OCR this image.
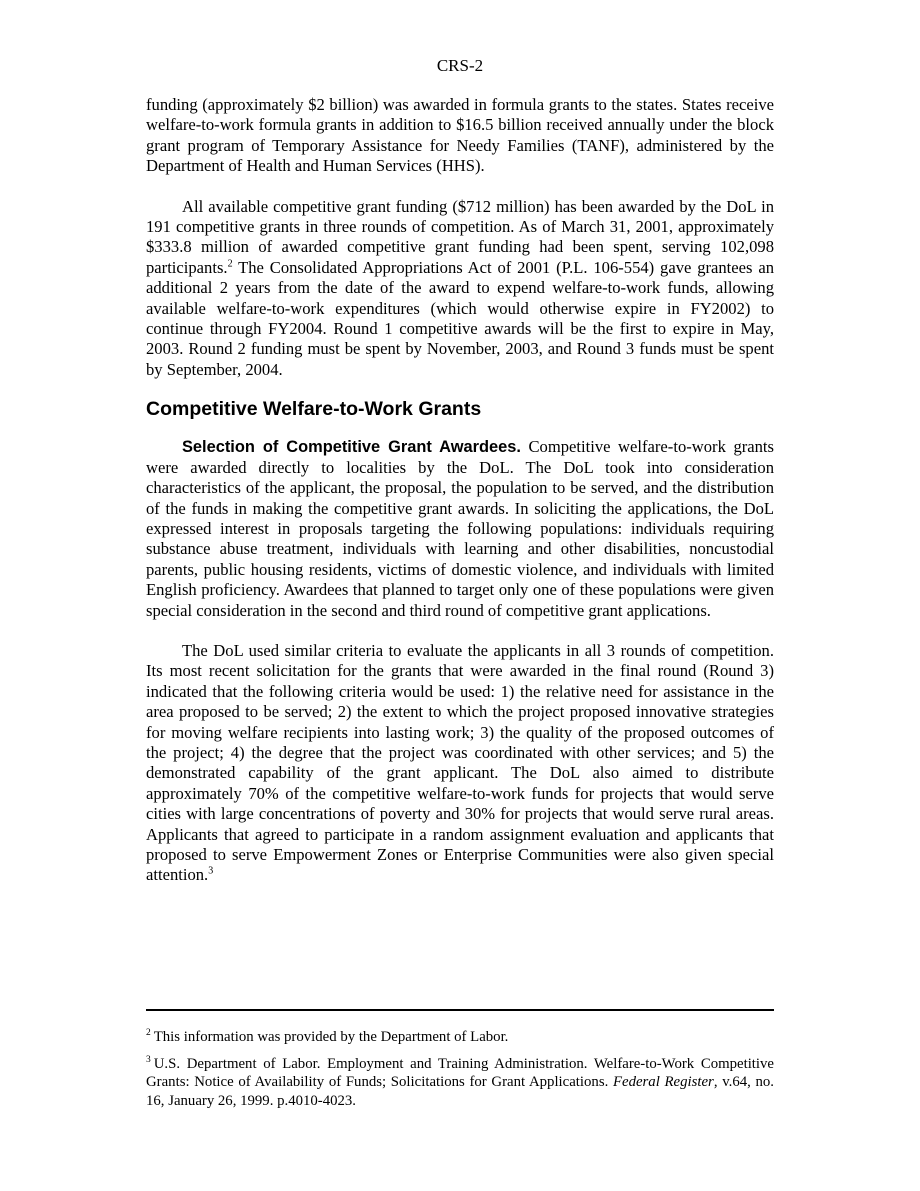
CRS-2

funding (approximately $2 billion) was awarded in formula grants to the states. States receive welfare-to-work formula grants in addition to $16.5 billion received annually under the block grant program of Temporary Assistance for Needy Families (TANF), administered by the Department of Health and Human Services (HHS).

All available competitive grant funding ($712 million) has been awarded by the DoL in 191 competitive grants in three rounds of competition. As of March 31, 2001, approximately $333.8 million of awarded competitive grant funding had been spent, serving 102,098 participants.$^2$ The Consolidated Appropriations Act of 2001 (P.L. 106-554) gave grantees an additional 2 years from the date of the award to expend welfare-to-work funds, allowing available welfare-to-work expenditures (which would otherwise expire in FY2002) to continue through FY2004. Round 1 competitive awards will be the first to expire in May, 2003. Round 2 funding must be spent by November, 2003, and Round 3 funds must be spent by September, 2004.

Competitive Welfare-to-Work Grants

Selection of Competitive Grant Awardees. Competitive welfare-to-work grants were awarded directly to localities by the DoL. The DoL took into consideration characteristics of the applicant, the proposal, the population to be served, and the distribution of the funds in making the competitive grant awards. In soliciting the applications, the DoL expressed interest in proposals targeting the following populations: individuals requiring substance abuse treatment, individuals with learning and other disabilities, noncustodial parents, public housing residents, victims of domestic violence, and individuals with limited English proficiency. Awardees that planned to target only one of these populations were given special consideration in the second and third round of competitive grant applications.

The DoL used similar criteria to evaluate the applicants in all 3 rounds of competition. Its most recent solicitation for the grants that were awarded in the final round (Round 3) indicated that the following criteria would be used: 1) the relative need for assistance in the area proposed to be served; 2) the extent to which the project proposed innovative strategies for moving welfare recipients into lasting work; 3) the quality of the proposed outcomes of the project; 4) the degree that the project was coordinated with other services; and 5) the demonstrated capability of the grant applicant. The DoL also aimed to distribute approximately 70% of the competitive welfare-to-work funds for projects that would serve cities with large concentrations of poverty and 30% for projects that would serve rural areas. Applicants that agreed to participate in a random assignment evaluation and applicants that proposed to serve Empowerment Zones or Enterprise Communities were also given special attention.$^3$

$^2$ This information was provided by the Department of Labor.

$^3$ U.S. Department of Labor. Employment and Training Administration. Welfare-to-Work Competitive Grants: Notice of Availability of Funds; Solicitations for Grant Applications. Federal Register, v.64, no. 16, January 26, 1999. p.4010-4023.
